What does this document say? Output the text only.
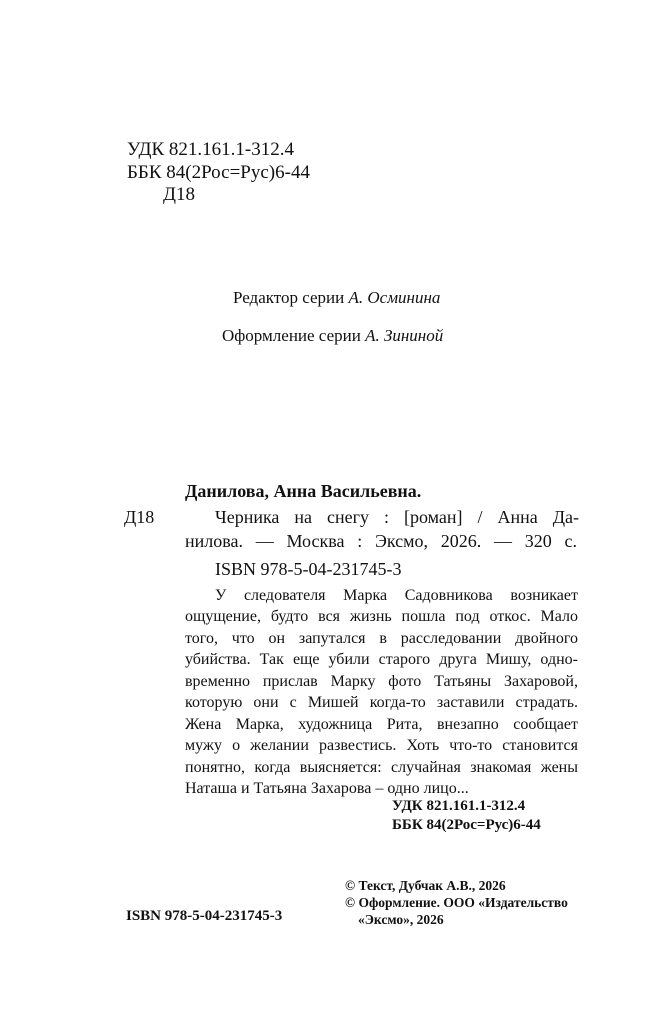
УДК 821.161.1-312.4
ББК 84(2Рос=Рус)6-44
Д18
Редактор серии А. Осминина
Оформление серии А. Зининой
Данилова, Анна Васильевна.
Д18	Черника на снегу : [роман] / Анна Да-
нилова. — Москва : Эксмо, 2026. — 320 с.
ISBN 978-5-04-231745-3
У следователя Марка Садовникова возникает
ощущение, будто вся жизнь пошла под откос. Мало
того, что он запутался в расследовании двойного
убийства. Так еще убили старого друга Мишу, одно-
временно прислав Марку фото Татьяны Захаровой,
которую они с Мишей когда-то заставили страдать.
Жена Марка, художница Рита, внезапно сообщает
мужу о желании развестись. Хоть что-то становится
понятно, когда выясняется: случайная знакомая жены
Наташа и Татьяна Захарова – одно лицо...
УДК 821.161.1-312.4
ББК 84(2Рос=Рус)6-44
© Текст, Дубчак А.В., 2026
© Оформление. ООО «Издательство
«Эксмо», 2026
ISBN 978-5-04-231745-3
